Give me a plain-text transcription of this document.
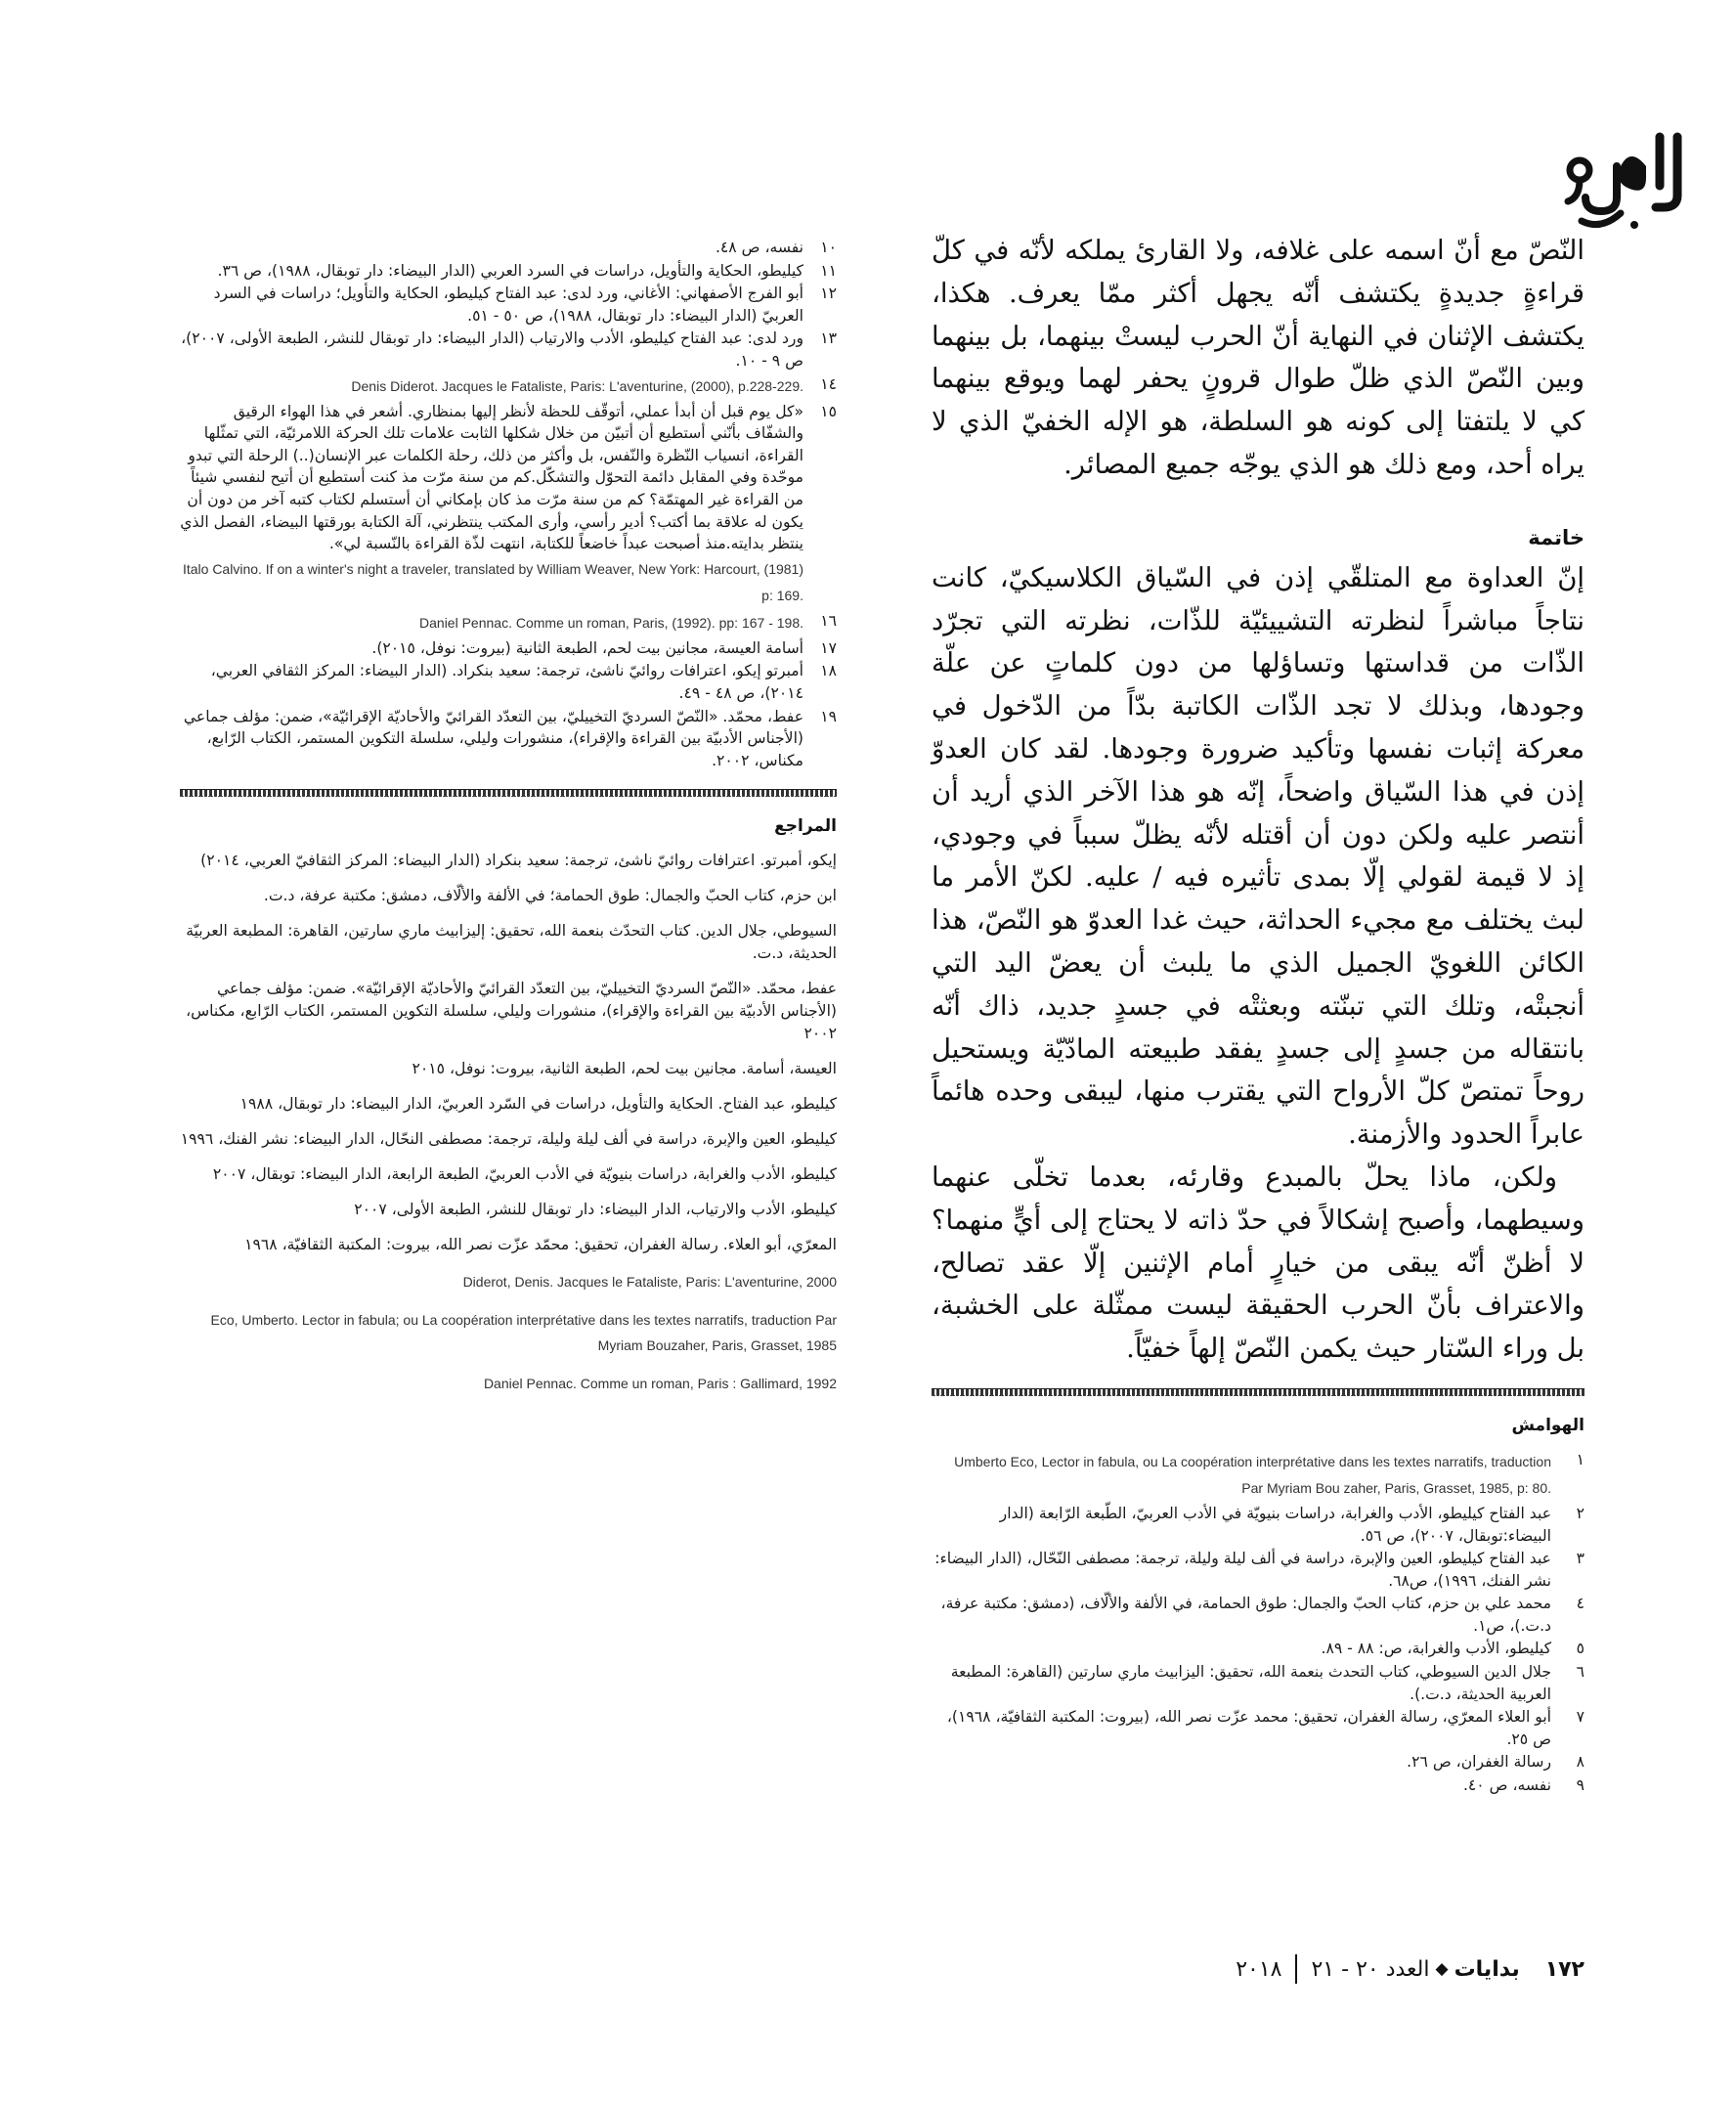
النّصّ مع أنّ اسمه على غلافه، ولا القارئ يملكه لأنّه في كلّ قراءةٍ جديدةٍ يكتشف أنّه يجهل أكثر ممّا يعرف. هكذا، يكتشف الإثنان في النهاية أنّ الحرب ليستْ بينهما، بل بينهما وبين النّصّ الذي ظلّ طوال قرونٍ يحفر لهما ويوقع بينهما كي لا يلتفتا إلى كونه هو السلطة، هو الإله الخفيّ الذي لا يراه أحد، ومع ذلك هو الذي يوجّه جميع المصائر.

خاتمة

إنّ العداوة مع المتلقّي إذن في السّياق الكلاسيكيّ، كانت نتاجاً مباشراً لنظرته التشييئيّة للذّات، نظرته التي تجرّد الذّات من قداستها وتساؤلها من دون كلماتٍ عن علّة وجودها، وبذلك لا تجد الذّات الكاتبة بدّاً من الدّخول في معركة إثبات نفسها وتأكيد ضرورة وجودها. لقد كان العدوّ إذن في هذا السّياق واضحاً، إنّه هو هذا الآخر الذي أريد أن أنتصر عليه ولكن دون أن أقتله لأنّه يظلّ سبباً في وجودي، إذ لا قيمة لقولي إلّا بمدى تأثيره فيه / عليه. لكنّ الأمر ما لبث يختلف مع مجيء الحداثة، حيث غدا العدوّ هو النّصّ، هذا الكائن اللغويّ الجميل الذي ما يلبث أن يعضّ اليد التي أنجبتْه، وتلك التي تبنّته وبعثتْه في جسدٍ جديد، ذاك أنّه بانتقاله من جسدٍ إلى جسدٍ يفقد طبيعته المادّيّة ويستحيل روحاً تمتصّ كلّ الأرواح التي يقترب منها، ليبقى وحده هائماً عابراً الحدود والأزمنة.

ولكن، ماذا يحلّ بالمبدع وقارئه، بعدما تخلّى عنهما وسيطهما، وأصبح إشكالاً في حدّ ذاته لا يحتاج إلى أيٍّ منهما؟ لا أظنّ أنّه يبقى من خيارٍ أمام الإثنين إلّا عقد تصالح، والاعتراف بأنّ الحرب الحقيقة ليست ممثّلة على الخشبة، بل وراء السّتار حيث يكمن النّصّ إلهاً خفيّاً.

الهوامش
١
Umberto Eco, Lector in fabula, ou La coopération interprétative dans les textes narratifs, traduction Par Myriam Bou zaher, Paris, Grasset, 1985, p: 80.
٢
عبد الفتاح كيليطو، الأدب والغرابة، دراسات بنيويّة في الأدب العربيّ، الطّبعة الرّابعة (الدار البيضاء:توبقال، ٢٠٠٧)، ص ٥٦.
٣
عبد الفتاح كيليطو، العين والإبرة، دراسة في ألف ليلة وليلة، ترجمة: مصطفى النّحّال، (الدار البيضاء: نشر الفنك، ١٩٩٦)، ص٦٨.
٤
محمد علي بن حزم، كتاب الحبّ والجمال: طوق الحمامة، في الألفة والألّاف، (دمشق: مكتبة عرفة، د.ت.)، ص١.
٥
كيليطو، الأدب والغرابة، ص: ٨٨ - ٨٩.
٦
جلال الدين السيوطي، كتاب التحدث بنعمة الله، تحقيق: اليزابيث ماري سارتين (القاهرة: المطبعة العربية الحديثة، د.ت.).
٧
أبو العلاء المعرّي، رسالة الغفران، تحقيق: محمد عزّت نصر الله، (بيروت: المكتبة الثقافيّة، ١٩٦٨)، ص ٢٥.
٨
رسالة الغفران، ص ٢٦.
٩
نفسه، ص ٤٠.
١٠
نفسه، ص ٤٨.
١١
كيليطو، الحكاية والتأويل، دراسات في السرد العربي (الدار البيضاء: دار توبقال، ١٩٨٨)، ص ٣٦.
١٢
أبو الفرج الأصفهاني: الأغاني، ورد لدى: عبد الفتاح كيليطو، الحكاية والتأويل؛ دراسات في السرد العربيّ (الدار البيضاء: دار توبقال، ١٩٨٨)، ص ٥٠ - ٥١.
١٣
ورد لدى: عبد الفتاح كيليطو، الأدب والارتياب (الدار البيضاء: دار توبقال للنشر، الطبعة الأولى، ٢٠٠٧)، ص ٩ - ١٠.
١٤
Denis Diderot. Jacques le Fataliste, Paris: L'aventurine, (2000), p.228-229.
١٥
«كل يوم قبل أن أبدأ عملي، أتوقّف للحظة لأنظر إليها بمنظاري. أشعر في هذا الهواء الرقيق والشفّاف بأنّني أستطيع أن أتبيّن من خلال شكلها الثابت علامات تلك الحركة اللامرئيّة، التي تمثّلها القراءة، انسياب النّظرة والنّفس، بل وأكثر من ذلك، رحلة الكلمات عبر الإنسان(..) الرحلة التي تبدو موحّدة وفي المقابل دائمة التحوّل والتشكّل.كم من سنة مرّت مذ كنت أستطيع أن أتيح لنفسي شيئاً من القراءة غير المهتمّة؟ كم من سنة مرّت مذ كان بإمكاني أن أستسلم لكتاب كتبه آخر من دون أن يكون له علاقة بما أكتب؟ أدير رأسي، وأرى المكتب ينتظرني، آلة الكتابة بورقتها البيضاء، الفصل الذي ينتظر بدايته.منذ أصبحت عبداً خاضعاً للكتابة، انتهت لذّة القراءة بالنّسبة لي».
Italo Calvino. If on a winter's night a traveler, translated by William Weaver, New York: Harcourt, (1981) p: 169.
١٦
Daniel Pennac. Comme un roman, Paris, (1992). pp: 167 - 198.
١٧
أسامة العيسة، مجانين بيت لحم، الطبعة الثانية (بيروت: نوفل، ٢٠١٥).
١٨
أمبرتو إيكو، اعترافات روائيّ ناشئ، ترجمة: سعيد بنكراد. (الدار البيضاء: المركز الثقافي العربي، ٢٠١٤)، ص ٤٨ - ٤٩.
١٩
عفط، محمّد. «النّصّ السرديّ التخييليّ، بين التعدّد القرائيّ والأحاديّة الإقرائيّة»، ضمن: مؤلف جماعي (الأجناس الأدبيّة بين القراءة والإقراء)، منشورات وليلي، سلسلة التكوين المستمر، الكتاب الرّابع، مكناس، ٢٠٠٢.
المراجع
إيكو، أمبرتو. اعترافات روائيّ ناشئ، ترجمة: سعيد بنكراد (الدار البيضاء: المركز الثقافيّ العربي، ٢٠١٤)
ابن حزم، كتاب الحبّ والجمال: طوق الحمامة؛ في الألفة والألّاف، دمشق: مكتبة عرفة، د.ت.
السيوطي، جلال الدين. كتاب التحدّث بنعمة الله، تحقيق: إليزابيث ماري سارتين، القاهرة: المطبعة العربيّة الحديثة، د.ت.
عفط، محمّد. «النّصّ السرديّ التخييليّ، بين التعدّد القرائيّ والأحاديّة الإقرائيّة». ضمن: مؤلف جماعي (الأجناس الأدبيّة بين القراءة والإقراء)، منشورات وليلي، سلسلة التكوين المستمر، الكتاب الرّابع، مكناس، ٢٠٠٢
العيسة، أسامة. مجانين بيت لحم، الطبعة الثانية، بيروت: نوفل، ٢٠١٥
كيليطو، عبد الفتاح. الحكاية والتأويل، دراسات في السّرد العربيّ، الدار البيضاء: دار توبقال، ١٩٨٨
كيليطو، العين والإبرة، دراسة في ألف ليلة وليلة، ترجمة: مصطفى النحّال، الدار البيضاء: نشر الفنك، ١٩٩٦
كيليطو، الأدب والغرابة، دراسات بنيويّة في الأدب العربيّ، الطبعة الرابعة، الدار البيضاء: توبقال، ٢٠٠٧
كيليطو، الأدب والارتياب، الدار البيضاء: دار توبقال للنشر، الطبعة الأولى، ٢٠٠٧
المعرّي، أبو العلاء. رسالة الغفران، تحقيق: محمّد عزّت نصر الله، بيروت: المكتبة الثقافيّة، ١٩٦٨
Diderot, Denis. Jacques le Fataliste, Paris: L'aventurine, 2000
Eco, Umberto. Lector in fabula; ou La coopération interprétative dans les textes narratifs, traduction Par Myriam Bouzaher, Paris, Grasset, 1985
Daniel Pennac. Comme un roman, Paris : Gallimard, 1992
١٧٢
بدايات
◆
العدد ٢٠ - ٢١
٢٠١٨
